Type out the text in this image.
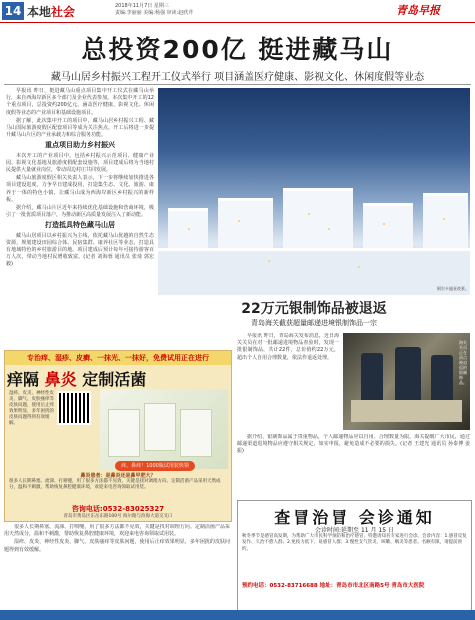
14 本地社会	2018年11月7日 星期三
责编:李丽丽 美编:杨强 审读:赵欣芹	青岛早报
总投资200亿 挺进藏马山
藏马山居乡村振兴工程开工仪式举行 项目涵盖医疗健康、影视文化、休闲度假等业态

早报讯 昨日，挺进藏马山重点项目集中开工仪式在藏马山举行，来自西海岸新区多个部门及企业代表参加。本次集中开工的12个重点项目，总投资约200亿元，涵盖医疗健康、影视文化、休闲度假等业态的产业项目和基础设施项目。

据了解，此次集中开工的项目中，藏马山居乡村振兴工程、藏马山国际旅游度假区配套项目等成为关注焦点，开工后将进一步提升藏马山片区的产业承载力和综合服务功能。

重点项目助力乡村振兴

本次开工的产业项目中，包括乡村振兴示范项目、健康产业园、影视文化基地及旅游度假配套设施等，项目建成后将为当地村民提供大量就业岗位，带动周边村庄共同发展。

藏马山旅游度假区相关负责人表示，下一步将继续加快推进各项目建设进度，力争早日建成投用，打造集生态、文化、旅游、康养于一体的特色小镇，让藏马山成为西海岸新区乡村振兴的新样板。

据介绍，藏马山片区近年来持续优化基础设施和营商环境，吸引了一批优质项目落户，为推动新区高质量发展注入了新动能。

打造抵具特色藏马山居

藏马山居项目以乡村振兴为主线，依托藏马山优越的自然生态资源，规划建设田园综合体、民宿集群、康养社区等业态，打造具有地域特色的乡村旅游目的地。项目建成后预计每年可接待游客百万人次，带动当地村民增收致富。(记者 刘海蓉 通讯员 张琦 郭宏毅)

阿尔卡迪亚夜景。
22万元银制饰品被退返
青岛海关截获超量邮递进境银制饰品一宗

早报讯 昨日，青岛海关发布消息，近日海关关员在对一批邮递进境物品查验时，发现一批银制饰品，共计22件，总价值约22万元，超出个人自用合理数量，依法作退返处理。

海关关员正在清点被退返的银制饰品。

据介绍，银制饰品属于贵重物品，个人邮递物品应以自用、合理数量为限。海关提醒广大市民，通过邮递渠道进境物品应遵守相关规定，如实申报，避免造成不必要的损失。(记者 王建光 通讯员 孙泰博 姜振)

专治痒、湿疹、皮癣、一抹光、一抹好，免费试用正在进行
痒隔 鼻炎 定制活菌
湿疹、皮炎、神经性皮炎、脚气、皮肤瘙痒等皮肤问题，使用后止痒效果明显，多年困扰的皮肤问题得到有效缓解。
痒、鼻痒！1000瓶试用装快领
鼻炎患者：是鼻炎还是鼻甲肥大？
很多人长期鼻塞、流涕、打喷嚏，用了很多方法都不见效，关键是找对调理方向。定制活菌产品采用天然成分，温和不刺激，帮助恢复鼻腔健康环境，欢迎来电咨询领取试用装。
咨询电话:0532-83025327
青岛市黄岛区东岳东路100号 海尔路与滨海大道交叉口

很多人长期鼻塞、流涕、打喷嚏，用了很多方法都不见效，关键是找对调理方向。定制活菌产品采用天然成分，温和不刺激，帮助恢复鼻腔健康环境，欢迎来电咨询领取试用装。

湿疹、皮炎、神经性皮炎、脚气、皮肤瘙痒等皮肤问题，使用后止痒效果明显，多年困扰的皮肤问题得到有效缓解。

查冒治冒 会诊通知
会诊时间:延期至 11 月 15 日
秋冬季节是感冒高发期，为帮助广大市民科学预防和治疗感冒，特邀请知名专家进行会诊。会诊内容：1.感冒反复发作、久治不愈人群；2.免疫力低下、易感冒人群；3.慢性支气管炎、咳嗽、咽炎等患者。名额有限，请提前预约。
预约电话：0532-83716688 地址：青岛市市北区南路5号 青岛市大医院
